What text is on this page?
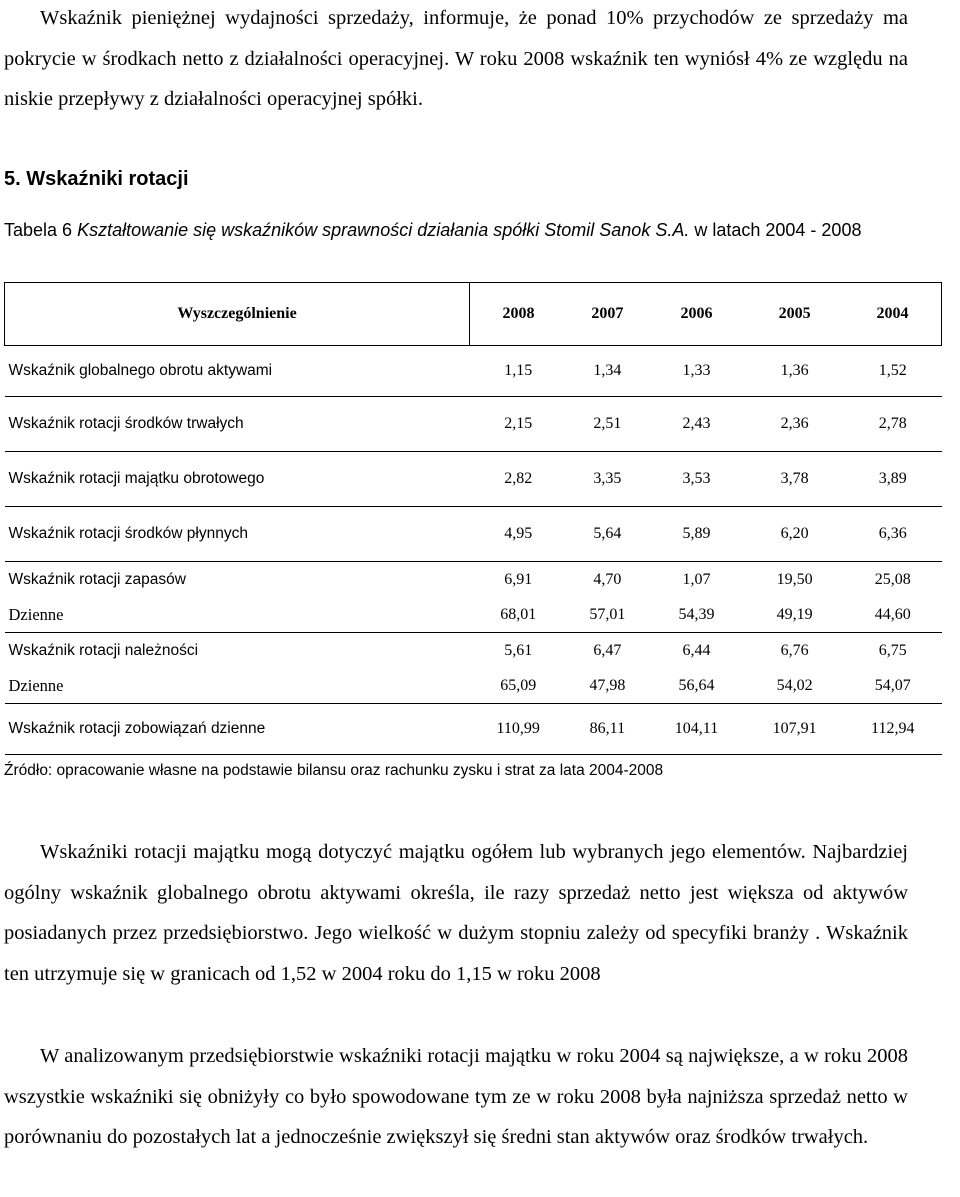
Wskaźnik pieniężnej wydajności sprzedaży, informuje, że ponad 10% przychodów ze sprzedaży ma pokrycie w środkach netto z działalności operacyjnej. W roku 2008 wskaźnik ten wyniósł 4% ze względu na niskie przepływy z działalności operacyjnej spółki.

5. Wskaźniki rotacji

Tabela 6 Kształtowanie się wskaźników sprawności działania spółki Stomil Sanok S.A. w latach 2004 - 2008

Wyszczególnienie	2008	2007	2006	2005	2004
Wskaźnik globalnego obrotu aktywami	1,15	1,34	1,33	1,36	1,52
Wskaźnik rotacji środków trwałych	2,15	2,51	2,43	2,36	2,78
Wskaźnik rotacji majątku obrotowego	2,82	3,35	3,53	3,78	3,89
Wskaźnik rotacji środków płynnych	4,95	5,64	5,89	6,20	6,36
Wskaźnik rotacji zapasów	6,91	4,70	1,07	19,50	25,08
Dzienne	68,01	57,01	54,39	49,19	44,60
Wskaźnik rotacji należności	5,61	6,47	6,44	6,76	6,75
Dzienne	65,09	47,98	56,64	54,02	54,07
Wskaźnik rotacji zobowiązań dzienne	110,99	86,11	104,11	107,91	112,94

Źródło: opracowanie własne na podstawie bilansu oraz rachunku zysku i strat za lata 2004-2008

Wskaźniki rotacji majątku mogą dotyczyć majątku ogółem lub wybranych jego elementów. Najbardziej ogólny wskaźnik globalnego obrotu aktywami określa, ile razy sprzedaż netto jest większa od aktywów posiadanych przez przedsiębiorstwo. Jego wielkość w dużym stopniu zależy od specyfiki branży . Wskaźnik ten utrzymuje się w granicach od 1,52 w 2004 roku do 1,15 w roku 2008

W analizowanym przedsiębiorstwie wskaźniki rotacji majątku w roku 2004 są największe, a w roku 2008 wszystkie wskaźniki się obniżyły co było spowodowane tym ze w roku 2008 była najniższa sprzedaż netto w porównaniu do pozostałych lat a jednocześnie zwiększył się średni stan aktywów oraz środków trwałych.
